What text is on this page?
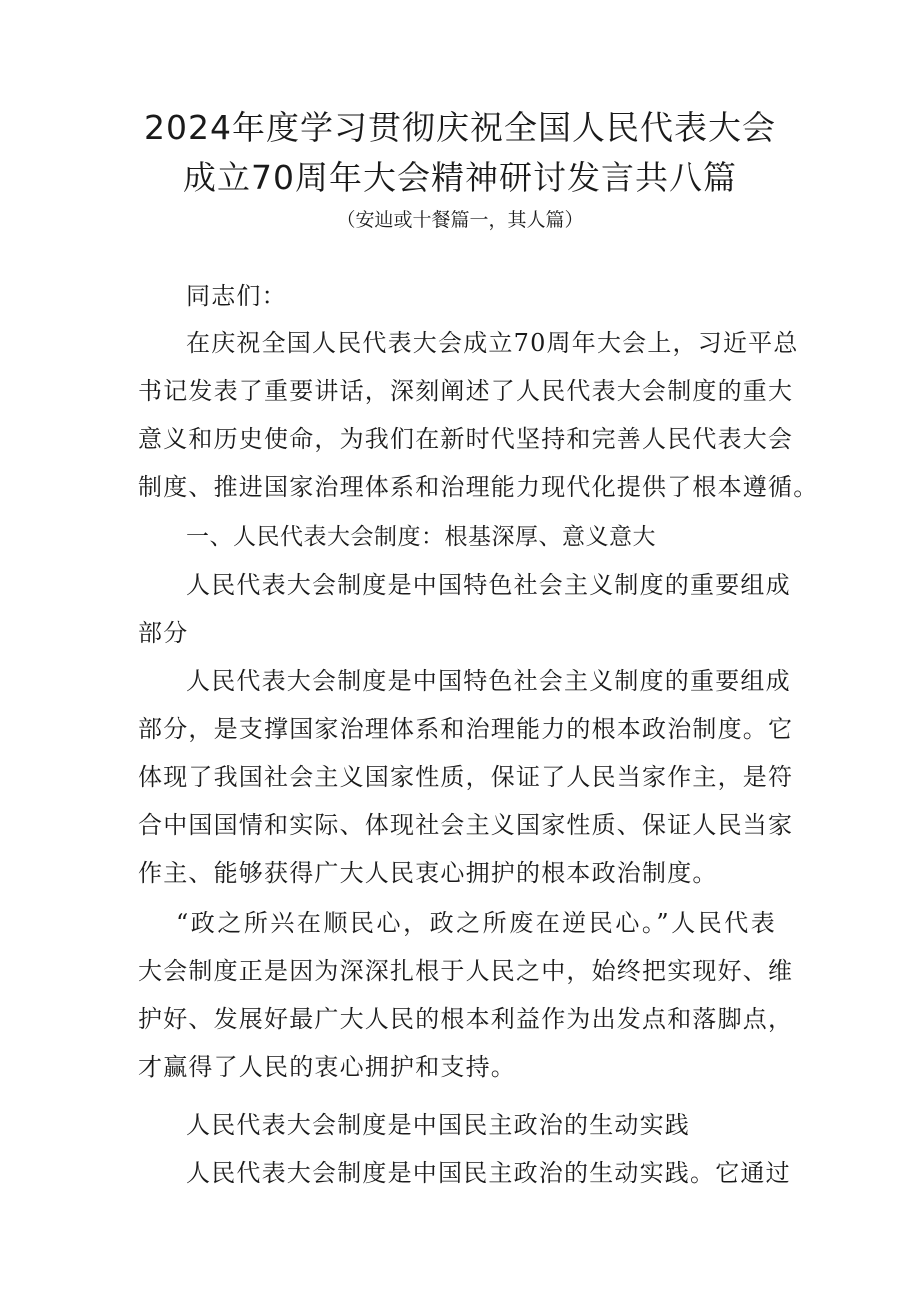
2024年度学习贯彻庆祝全国人民代表大会
成立70周年大会精神研讨发言共八篇
（安辿或十餐篇一，其人篇）
同志们：
在庆祝全国人民代表大会成立70周年大会上，习近平总
书记发表了重要讲话，深刻阐述了人民代表大会制度的重大
意义和历史使命，为我们在新时代坚持和完善人民代表大会
制度、推进国家治理体系和治理能力现代化提供了根本遵循。
一、人民代表大会制度：根基深厚、意义意大
人民代表大会制度是中国特色社会主义制度的重要组成
部分
人民代表大会制度是中国特色社会主义制度的重要组成
部分，是支撑国家治理体系和治理能力的根本政治制度。它
体现了我国社会主义国家性质，保证了人民当家作主，是符
合中国国情和实际、体现社会主义国家性质、保证人民当家
作主、能够获得广大人民衷心拥护的根本政治制度。
“政之所兴在顺民心，政之所废在逆民心。”人民代表
大会制度正是因为深深扎根于人民之中，始终把实现好、维
护好、发展好最广大人民的根本利益作为出发点和落脚点，
才赢得了人民的衷心拥护和支持。
人民代表大会制度是中国民主政治的生动实践
人民代表大会制度是中国民主政治的生动实践。它通过
